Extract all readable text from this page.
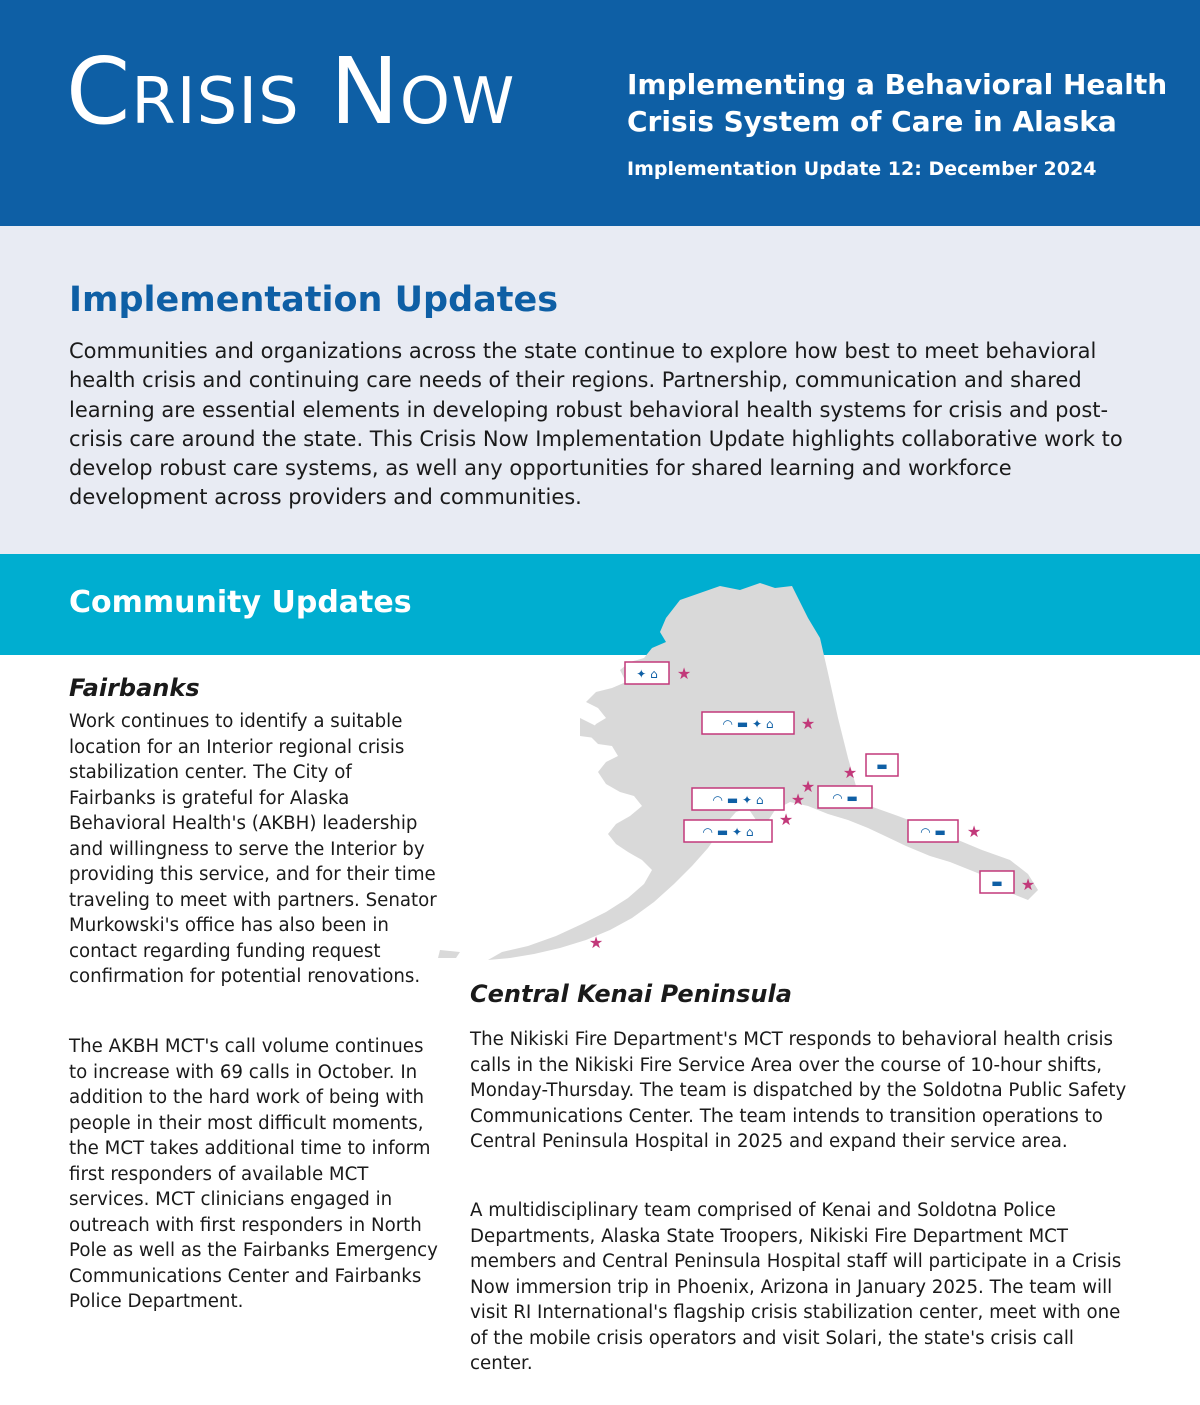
Crisis Now	Implementing a Behavioral Health
Crisis System of Care in Alaska
Implementation Update 12: December 2024
Implementation Updates

Communities and organizations across the state continue to explore how best to meet behavioral health crisis and continuing care needs of their regions. Partnership, communication and shared learning are essential elements in developing robust behavioral health systems for crisis and post-crisis care around the state. This Crisis Now Implementation Update highlights collaborative work to develop robust care systems, as well any opportunities for shared learning and workforce development across providers and communities.

Community Updates
✦ ⌂ ★
◠ ▬ ✦ ⌂ ★
▬
★
◠ ▬ ✦ ⌂ ★
★
◠ ▬
◠ ▬ ✦ ⌂
★
◠ ▬ ★
▬ ★
★
Fairbanks

Work continues to identify a suitable location for an Interior regional crisis stabilization center. The City of Fairbanks is grateful for Alaska Behavioral Health's (AKBH) leadership and willingness to serve the Interior by providing this service, and for their time traveling to meet with partners. Senator Murkowski's office has also been in contact regarding funding request confirmation for potential renovations.

The AKBH MCT's call volume continues to increase with 69 calls in October. In addition to the hard work of being with people in their most difficult moments, the MCT takes additional time to inform first responders of available MCT services. MCT clinicians engaged in outreach with first responders in North Pole as well as the Fairbanks Emergency Communications Center and Fairbanks Police Department.

Central Kenai Peninsula

The Nikiski Fire Department's MCT responds to behavioral health crisis calls in the Nikiski Fire Service Area over the course of 10-hour shifts, Monday-Thursday. The team is dispatched by the Soldotna Public Safety Communications Center. The team intends to transition operations to Central Peninsula Hospital in 2025 and expand their service area.

A multidisciplinary team comprised of Kenai and Soldotna Police Departments, Alaska State Troopers, Nikiski Fire Department MCT members and Central Peninsula Hospital staff will participate in a Crisis Now immersion trip in Phoenix, Arizona in January 2025. The team will visit RI International's flagship crisis stabilization center, meet with one of the mobile crisis operators and visit Solari, the state's crisis call center.
